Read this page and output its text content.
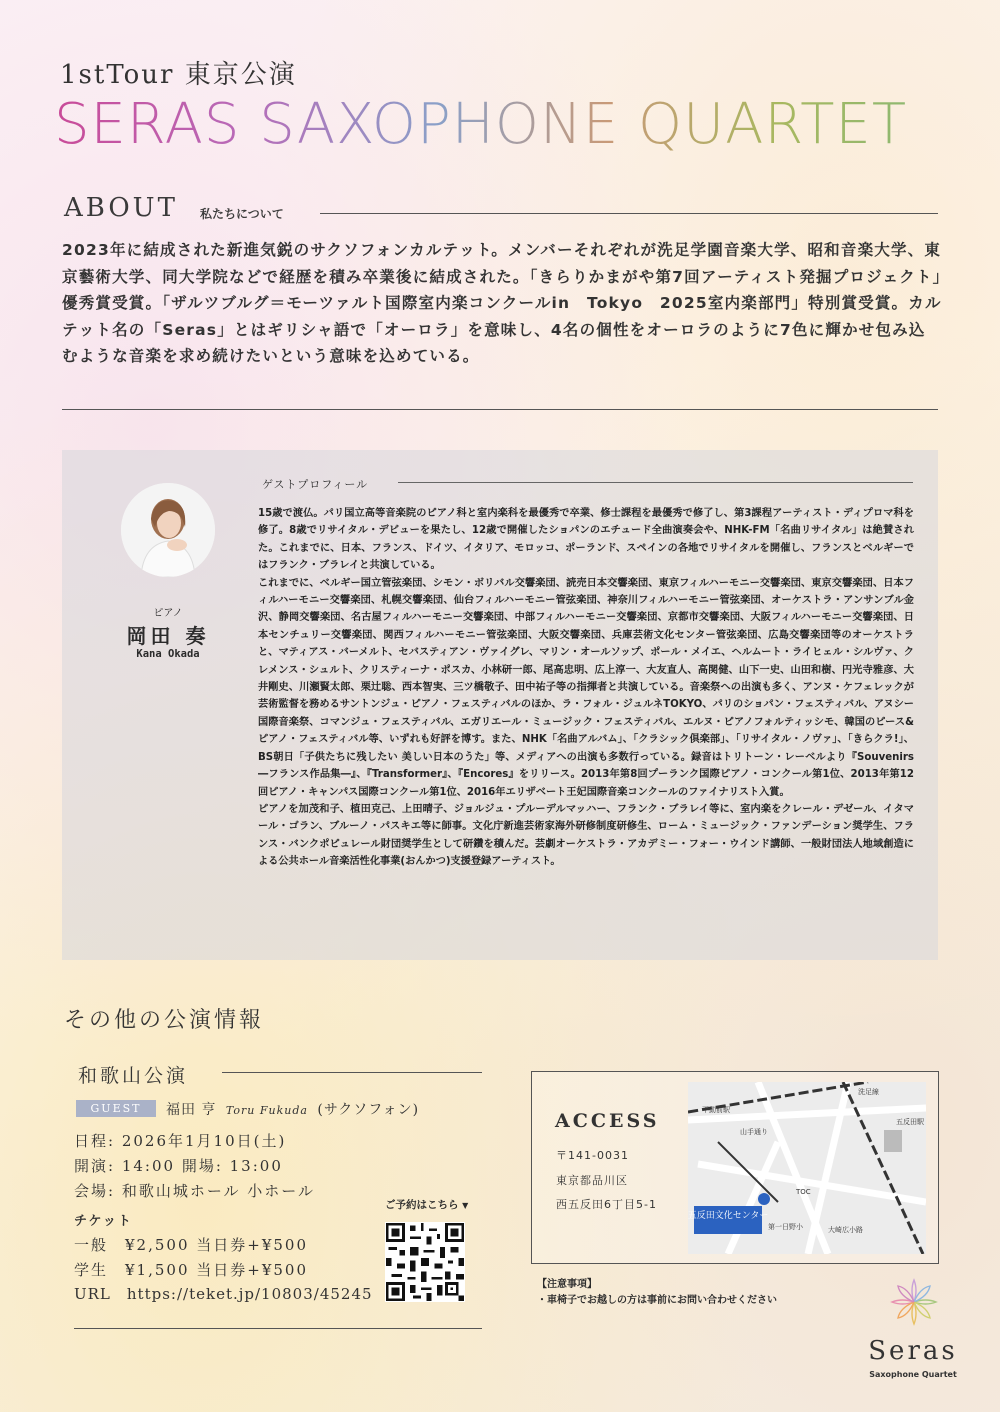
1stTour 東京公演
SERAS SAXOPHONE QUARTET
ABOUT 私たちについて
2023年に結成された新進気鋭のサクソフォンカルテット。メンバーそれぞれが洗足学園音楽大学、昭和音楽大学、東京藝術大学、同大学院などで経歴を積み卒業後に結成された。「きらりかまがや第7回アーティスト発掘プロジェクト」優秀賞受賞。「ザルツブルグ＝モーツァルト国際室内楽コンクールin　Tokyo　2025室内楽部門」特別賞受賞。カルテット名の「Seras」とはギリシャ語で「オーロラ」を意味し、4名の個性をオーロラのように7色に輝かせ包み込むような音楽を求め続けたいという意味を込めている。
ピアノ
岡田 奏
Kana Okada
ゲストプロフィール

15歳で渡仏。パリ国立高等音楽院のピアノ科と室内楽科を最優秀で卒業、修士課程を最優秀で修了し、第3課程アーティスト・ディプロマ科を修了。8歳でリサイタル・デビューを果たし、12歳で開催したショパンのエチュード全曲演奏会や、NHK-FM「名曲リサイタル」は絶賛された。これまでに、日本、フランス、ドイツ、イタリア、モロッコ、ポーランド、スペインの各地でリサイタルを開催し、フランスとベルギーではフランク・ブラレイと共演している。

これまでに、ベルギー国立管弦楽団、シモン・ボリバル交響楽団、読売日本交響楽団、東京フィルハーモニー交響楽団、東京交響楽団、日本フィルハーモニー交響楽団、札幌交響楽団、仙台フィルハーモニー管弦楽団、神奈川フィルハーモニー管弦楽団、オーケストラ・アンサンブル金沢、静岡交響楽団、名古屋フィルハーモニー交響楽団、中部フィルハーモニー交響楽団、京都市交響楽団、大阪フィルハーモニー交響楽団、日本センチュリー交響楽団、関西フィルハーモニー管弦楽団、大阪交響楽団、兵庫芸術文化センター管弦楽団、広島交響楽団等のオーケストラと、マティアス・バーメルト、セバスティアン・ヴァイグレ、マリン・オールソップ、ポール・メイエ、ヘルムート・ライヒェル・シルヴァ、クレメンス・シュルト、クリスティーナ・ポスカ、小林研一郎、尾高忠明、広上淳一、大友直人、高関健、山下一史、山田和樹、円光寺雅彦、大井剛史、川瀬賢太郎、栗辻聡、西本智実、三ツ橋敬子、田中祐子等の指揮者と共演している。音楽祭への出演も多く、アンヌ・ケフェレックが芸術監督を務めるサントンジュ・ピアノ・フェスティバルのほか、ラ・フォル・ジュルネTOKYO、パリのショパン・フェスティバル、アヌシー国際音楽祭、コマンジュ・フェスティバル、エガリエール・ミュージック・フェスティバル、エルヌ・ピアノフォルティッシモ、韓国のピース&ピアノ・フェスティバル等、いずれも好評を博す。また、NHK「名曲アルバム」、「クラシック倶楽部」、「リサイタル・ノヴァ」、「きらクラ!」、BS朝日「子供たちに残したい 美しい日本のうた」等、メディアへの出演も多数行っている。録音はトリトーン・レーベルより『Souvenirs ―フランス作品集―』、『Transformer』、『Encores』をリリース。2013年第8回プーランク国際ピアノ・コンクール第1位、2013年第12回ピアノ・キャンパス国際コンクール第1位、2016年エリザベート王妃国際音楽コンクールのファイナリスト入賞。

ピアノを加茂和子、植田克己、上田晴子、ジョルジュ・プルーデルマッハー、フランク・ブラレイ等に、室内楽をクレール・デゼール、イタマール・ゴラン、ブルーノ・パスキエ等に師事。文化庁新進芸術家海外研修制度研修生、ローム・ミュージック・ファンデーション奨学生、フランス・バンクポピュレール財団奨学生として研鑽を積んだ。芸劇オーケストラ・アカデミー・フォー・ウインド講師、一般財団法人地域創造による公共ホール音楽活性化事業(おんかつ)支援登録アーティスト。

その他の公演情報
和歌山公演
GUEST	福田 亨 Toru Fukuda (サクソフォン)
日程: 2026年1月10日(土)
開演: 14:00 開場: 13:00
会場: 和歌山城ホール 小ホール
チケット
一般　¥2,500 当日券+¥500
学生　¥1,500 当日券+¥500
URL　https://teket.jp/10803/45245
ご予約はこちら ▼
ACCESS
〒141-0031
東京都品川区
西五反田6丁目5-1
五反田文化センター
五反田駅
大崎広小路
山手通り
洗足線
TOC
不動前駅
第一日野小
【注意事項】
・車椅子でお越しの方は事前にお問い合わせください
Seras
Saxophone Quartet
